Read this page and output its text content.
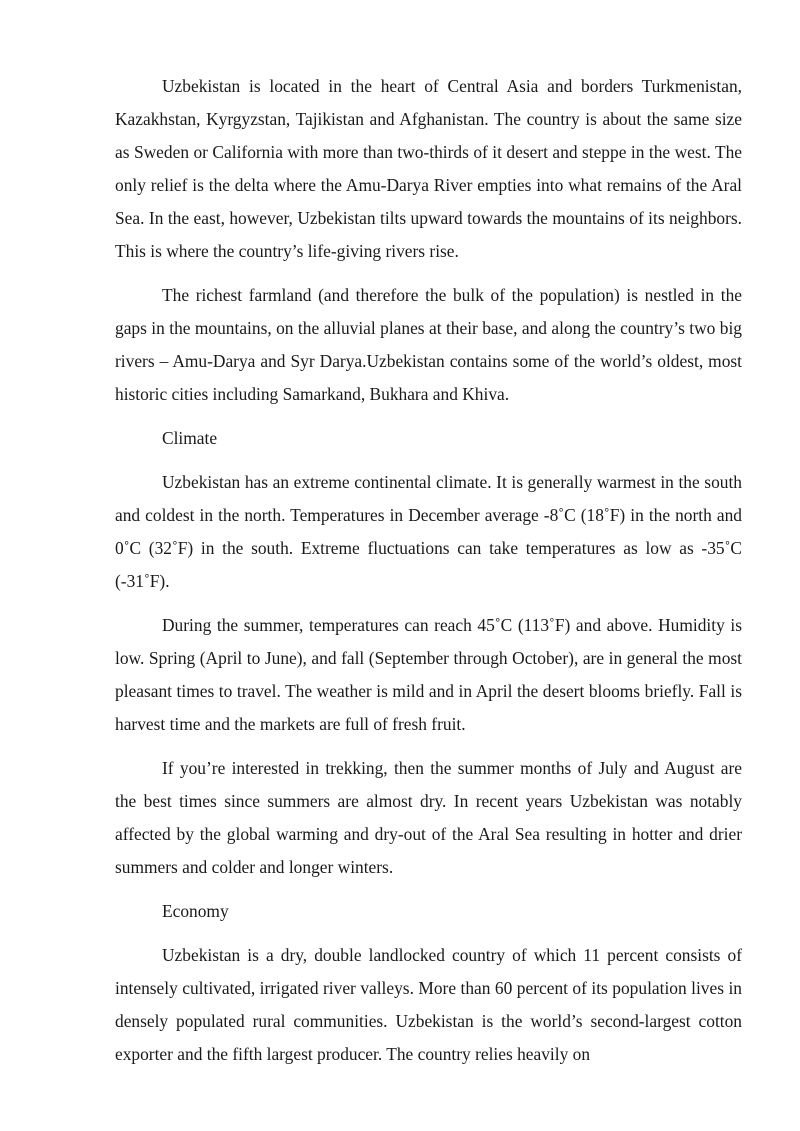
Uzbekistan is located in the heart of Central Asia and borders Turkmenistan, Kazakhstan, Kyrgyzstan, Tajikistan and Afghanistan. The country is about the same size as Sweden or California with more than two-thirds of it desert and steppe in the west. The only relief is the delta where the Amu-Darya River empties into what remains of the Aral Sea. In the east, however, Uzbekistan tilts upward towards the mountains of its neighbors. This is where the country’s life-giving rivers rise.

The richest farmland (and therefore the bulk of the population) is nestled in the gaps in the mountains, on the alluvial planes at their base, and along the country’s two big rivers – Amu-Darya and Syr Darya.Uzbekistan contains some of the world’s oldest, most historic cities including Samarkand, Bukhara and Khiva.

Climate

Uzbekistan has an extreme continental climate. It is generally warmest in the south and coldest in the north. Temperatures in December average -8˚C (18˚F) in the north and 0˚C (32˚F) in the south. Extreme fluctuations can take temperatures as low as -35˚C (-31˚F).

During the summer, temperatures can reach 45˚C (113˚F) and above. Humidity is low. Spring (April to June), and fall (September through October), are in general the most pleasant times to travel. The weather is mild and in April the desert blooms briefly. Fall is harvest time and the markets are full of fresh fruit.

If you’re interested in trekking, then the summer months of July and August are the best times since summers are almost dry. In recent years Uzbekistan was notably affected by the global warming and dry-out of the Aral Sea resulting in hotter and drier summers and colder and longer winters.

Economy

Uzbekistan is a dry, double landlocked country of which 11 percent consists of intensely cultivated, irrigated river valleys. More than 60 percent of its population lives in densely populated rural communities. Uzbekistan is the world’s second-largest cotton exporter and the fifth largest producer. The country relies heavily on
